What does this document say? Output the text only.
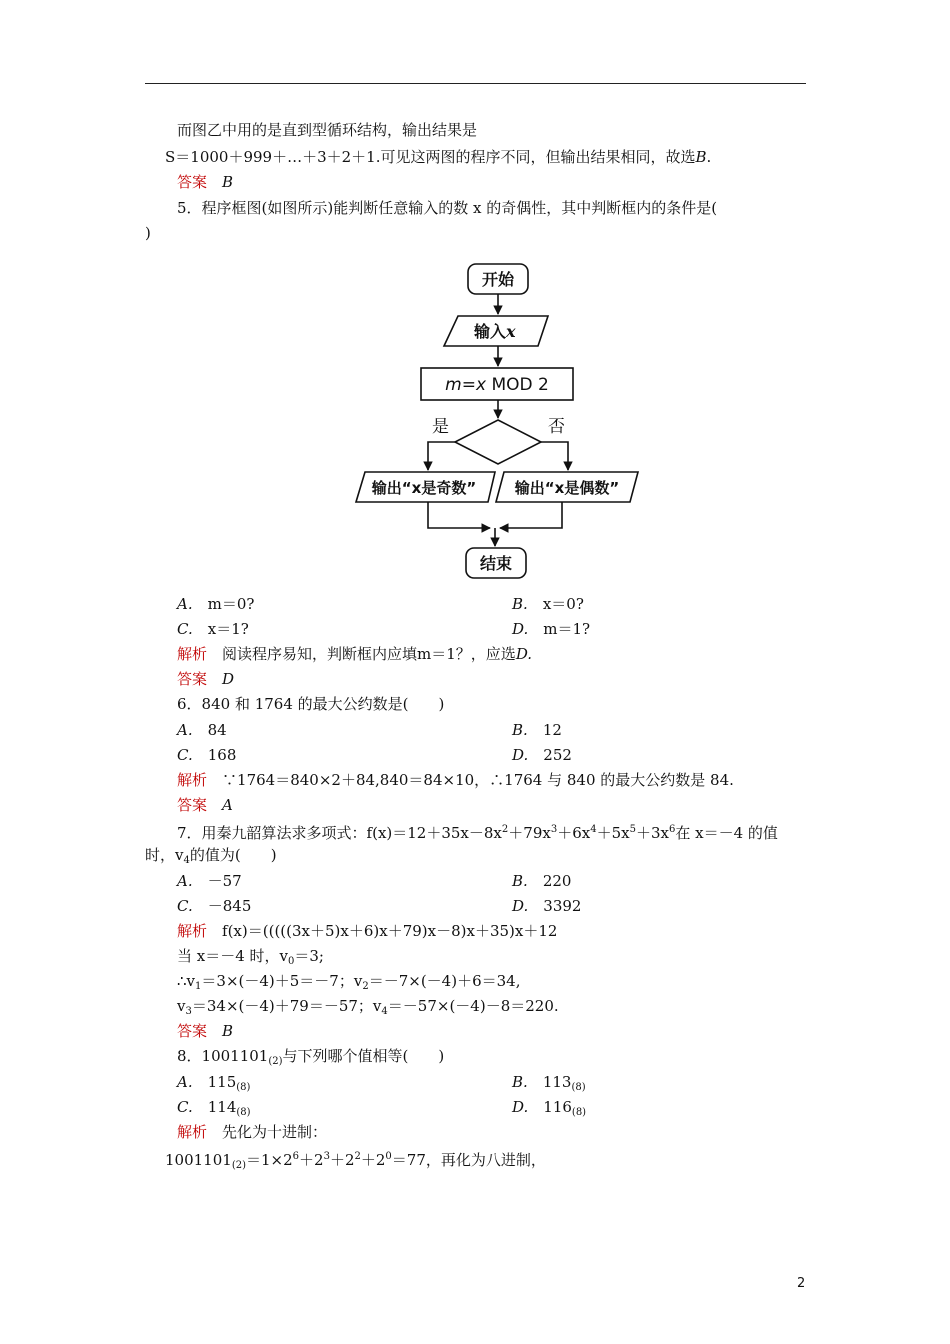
而图乙中用的是直到型循环结构，输出结果是
S＝1000＋999＋…＋3＋2＋1.可见这两图的程序不同，但输出结果相同，故选B.
答案　 B
5．程序框图(如图所示)能判断任意输入的数 x 的奇偶性，其中判断框内的条件是(
)
开始
输入x
m=x MOD 2
是	否
输出“x是奇数”	输出“x是偶数”
结束
A.　 m＝0?	B.　 x＝0?
C.　 x＝1?	D.　 m＝1?
解析　 阅读程序易知，判断框内应填m＝1？，应选D.
答案　 D
6．840 和 1764 的最大公约数是(　　)
A.　 84	B.　 12
C.　 168	D.　 252
解析　 ∵1764＝840×2＋84,840＝84×10，∴1764 与 840 的最大公约数是 84.
答案　 A
7．用秦九韶算法求多项式：$f(x)=12+35x-8x^2+79x^3+6x^4+5x^5+3x^6$在 x＝－4 的值
时，$v_4$的值为(　　)
A.　 －57	B.　 220
C.　 －845	D.　 3392
解析　 f(x)＝(((((3x＋5)x＋6)x＋79)x－8)x＋35)x＋12
当 x＝－4 时，$v_0=3$;
$\therefore v_1=3\times(-4)+5=-7$；$v_2=-7\times(-4)+6=34$,
$v_3=34\times(-4)+79=-57$；$v_4=-57\times(-4)-8=220$.
答案　 B
8．$1001101_{(2)}$与下列哪个值相等(　　)
A.　 $115_{(8)}$	B.　 $113_{(8)}$
C.　 $114_{(8)}$	D.　 $116_{(8)}$
解析　 先化为十进制：
$1001101_{(2)}=1\times 2^6+2^3+2^2+2^0=77$，再化为八进制，
2
